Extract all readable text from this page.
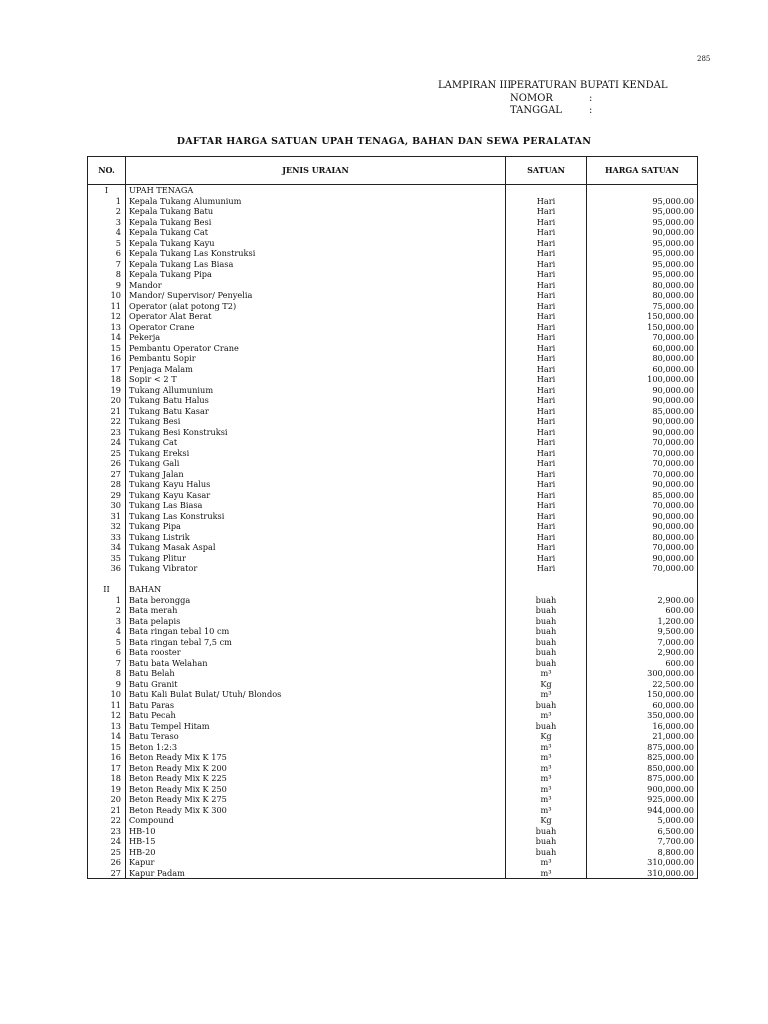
285
LAMPIRAN III
PERATURAN BUPATI KENDAL
NOMOR	:
TANGGAL	:
DAFTAR HARGA SATUAN UPAH TENAGA, BAHAN DAN SEWA PERALATAN
NO.	JENIS URAIAN	SATUAN	HARGA SATUAN
I	UPAH TENAGA		
1	Kepala Tukang Alumunium	Hari	95,000.00
2	Kepala Tukang Batu	Hari	95,000.00
3	Kepala Tukang Besi	Hari	95,000.00
4	Kepala Tukang Cat	Hari	90,000.00
5	Kepala Tukang Kayu	Hari	95,000.00
6	Kepala Tukang Las Konstruksi	Hari	95,000.00
7	Kepala Tukang Las Biasa	Hari	95,000.00
8	Kepala Tukang Pipa	Hari	95,000.00
9	Mandor	Hari	80,000.00
10	Mandor/ Supervisor/ Penyelia	Hari	80,000.00
11	Operator (alat potong T2)	Hari	75,000.00
12	Operator Alat Berat	Hari	150,000.00
13	Operator Crane	Hari	150,000.00
14	Pekerja	Hari	70,000.00
15	Pembantu Operator Crane	Hari	60,000.00
16	Pembantu Sopir	Hari	80,000.00
17	Penjaga Malam	Hari	60,000.00
18	Sopir < 2 T	Hari	100,000.00
19	Tukang Allumunium	Hari	90,000.00
20	Tukang Batu Halus	Hari	90,000.00
21	Tukang Batu Kasar	Hari	85,000.00
22	Tukang Besi	Hari	90,000.00
23	Tukang Besi Konstruksi	Hari	90,000.00
24	Tukang Cat	Hari	70,000.00
25	Tukang Ereksi	Hari	70,000.00
26	Tukang Gali	Hari	70,000.00
27	Tukang Jalan	Hari	70,000.00
28	Tukang Kayu Halus	Hari	90,000.00
29	Tukang Kayu Kasar	Hari	85,000.00
30	Tukang Las Biasa	Hari	70,000.00
31	Tukang Las Konstruksi	Hari	90,000.00
32	Tukang Pipa	Hari	90,000.00
33	Tukang Listrik	Hari	80,000.00
34	Tukang Masak Aspal	Hari	70,000.00
35	Tukang Plitur	Hari	90,000.00
36	Tukang Vibrator	Hari	70,000.00

II	BAHAN		
1	Bata berongga	buah	2,900.00
2	Bata merah	buah	600.00
3	Bata pelapis	buah	1,200.00
4	Bata ringan tebal 10 cm	buah	9,500.00
5	Bata ringan tebal 7,5 cm	buah	7,000.00
6	Bata rooster	buah	2,900.00
7	Batu bata Welahan	buah	600.00
8	Batu Belah	m³	300,000.00
9	Batu Granit	Kg	22,500.00
10	Batu Kali Bulat Bulat/ Utuh/ Blondos	m³	150,000.00
11	Batu Paras	buah	60,000.00
12	Batu Pecah	m³	350,000.00
13	Batu Tempel Hitam	buah	16,000.00
14	Batu Teraso	Kg	21,000.00
15	Beton 1:2:3	m³	875,000.00
16	Beton Ready Mix K 175	m³	825,000.00
17	Beton Ready Mix K 200	m³	850,000.00
18	Beton Ready Mix K 225	m³	875,000.00
19	Beton Ready Mix K 250	m³	900,000.00
20	Beton Ready Mix K 275	m³	925,000.00
21	Beton Ready Mix K 300	m³	944,000.00
22	Compound	Kg	5,000.00
23	HB-10	buah	6,500.00
24	HB-15	buah	7,700.00
25	HB-20	buah	8,800.00
26	Kapur	m³	310,000.00
27	Kapur Padam	m³	310,000.00
